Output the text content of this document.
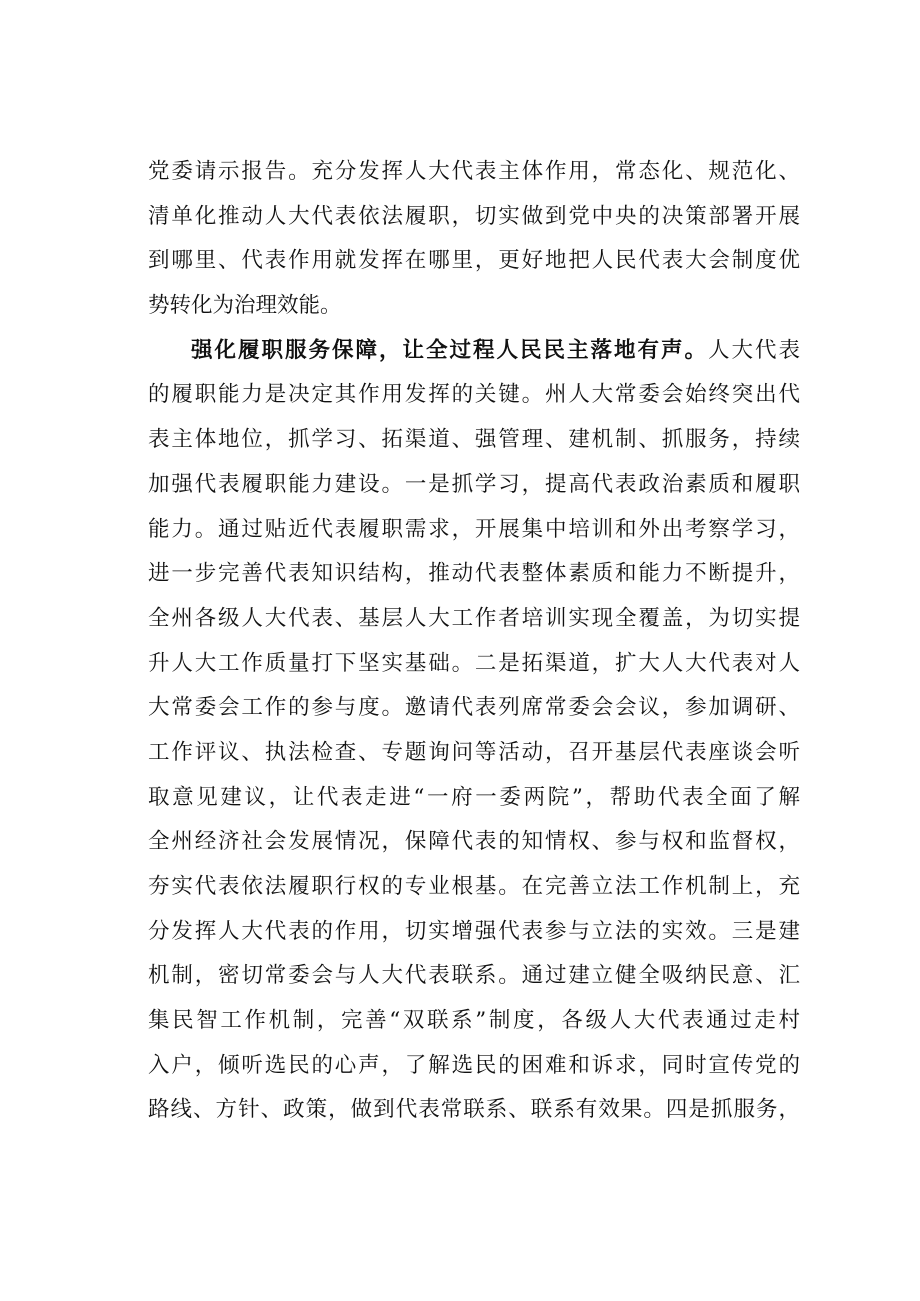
党委请示报告。充分发挥人大代表主体作用，常态化、规范化、
清单化推动人大代表依法履职，切实做到党中央的决策部署开展
到哪里、代表作用就发挥在哪里，更好地把人民代表大会制度优
势转化为治理效能。
强化履职服务保障，让全过程人民民主落地有声。人大代表
的履职能力是决定其作用发挥的关键。州人大常委会始终突出代
表主体地位，抓学习、拓渠道、强管理、建机制、抓服务，持续
加强代表履职能力建设。一是抓学习，提高代表政治素质和履职
能力。通过贴近代表履职需求，开展集中培训和外出考察学习，
进一步完善代表知识结构，推动代表整体素质和能力不断提升，
全州各级人大代表、基层人大工作者培训实现全覆盖，为切实提
升人大工作质量打下坚实基础。二是拓渠道，扩大人大代表对人
大常委会工作的参与度。邀请代表列席常委会会议，参加调研、
工作评议、执法检查、专题询问等活动，召开基层代表座谈会听
取意见建议，让代表走进“一府一委两院”，帮助代表全面了解
全州经济社会发展情况，保障代表的知情权、参与权和监督权，
夯实代表依法履职行权的专业根基。在完善立法工作机制上，充
分发挥人大代表的作用，切实增强代表参与立法的实效。三是建
机制，密切常委会与人大代表联系。通过建立健全吸纳民意、汇
集民智工作机制，完善“双联系”制度，各级人大代表通过走村
入户，倾听选民的心声，了解选民的困难和诉求，同时宣传党的
路线、方针、政策，做到代表常联系、联系有效果。四是抓服务，
